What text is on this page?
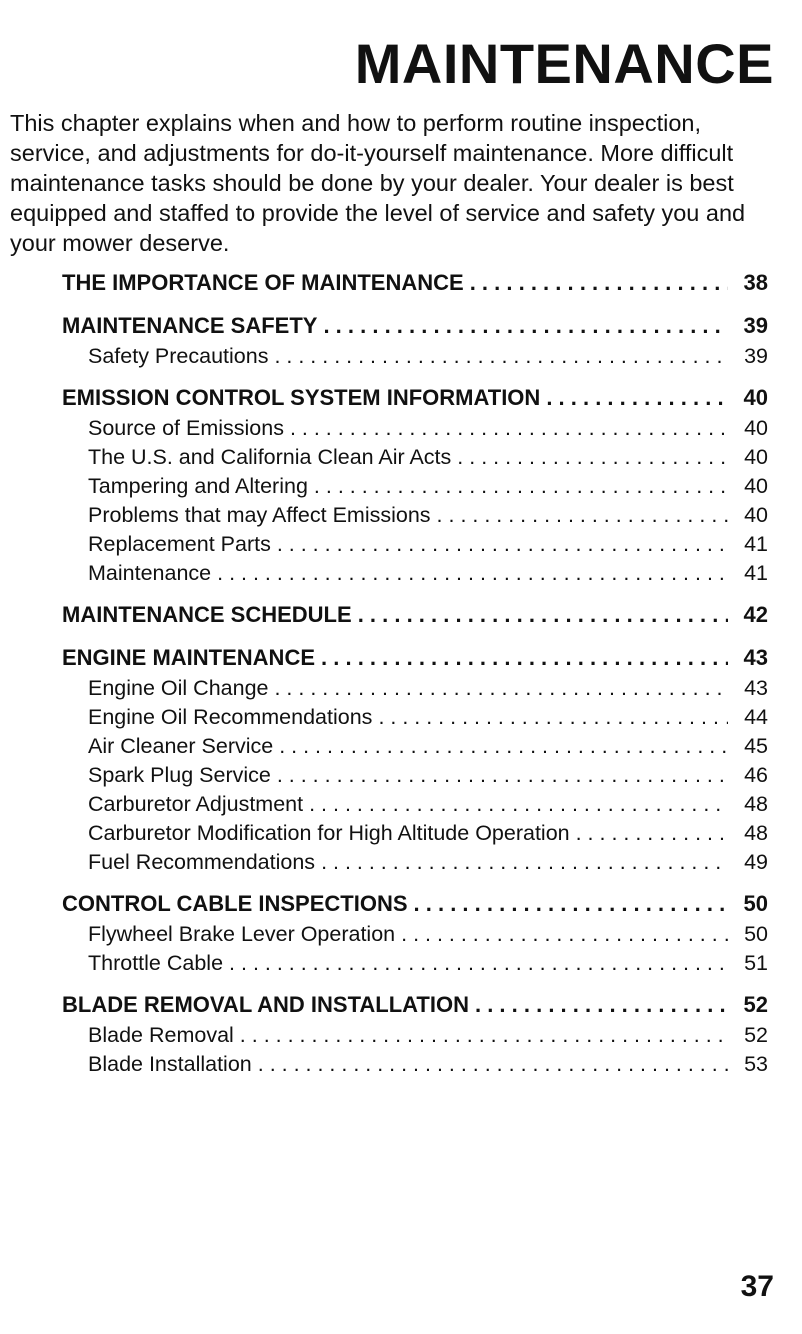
MAINTENANCE

This chapter explains when and how to perform routine inspection, service, and adjustments for do-it-yourself maintenance. More difficult maintenance tasks should be done by your dealer. Your dealer is best equipped and staffed to provide the level of service and safety you and your mower deserve.

THE IMPORTANCE OF MAINTENANCE . . .	38
MAINTENANCE SAFETY . . .	39
Safety Precautions . . .	39
EMISSION CONTROL SYSTEM INFORMATION . . .	40
Source of Emissions . . .	40
The U.S. and California Clean Air Acts . . .	40
Tampering and Altering . . .	40
Problems that may Affect Emissions . . .	40
Replacement Parts . . .	41
Maintenance . . .	41
MAINTENANCE SCHEDULE . . .	42
ENGINE MAINTENANCE . . .	43
Engine Oil Change . . .	43
Engine Oil Recommendations . . .	44
Air Cleaner Service . . .	45
Spark Plug Service . . .	46
Carburetor Adjustment . . .	48
Carburetor Modification for High Altitude Operation . . .	48
Fuel Recommendations . . .	49
CONTROL CABLE INSPECTIONS . . .	50
Flywheel Brake Lever Operation . . .	50
Throttle Cable . . .	51
BLADE REMOVAL AND INSTALLATION . . .	52
Blade Removal . . .	52
Blade Installation . . .	53
37
